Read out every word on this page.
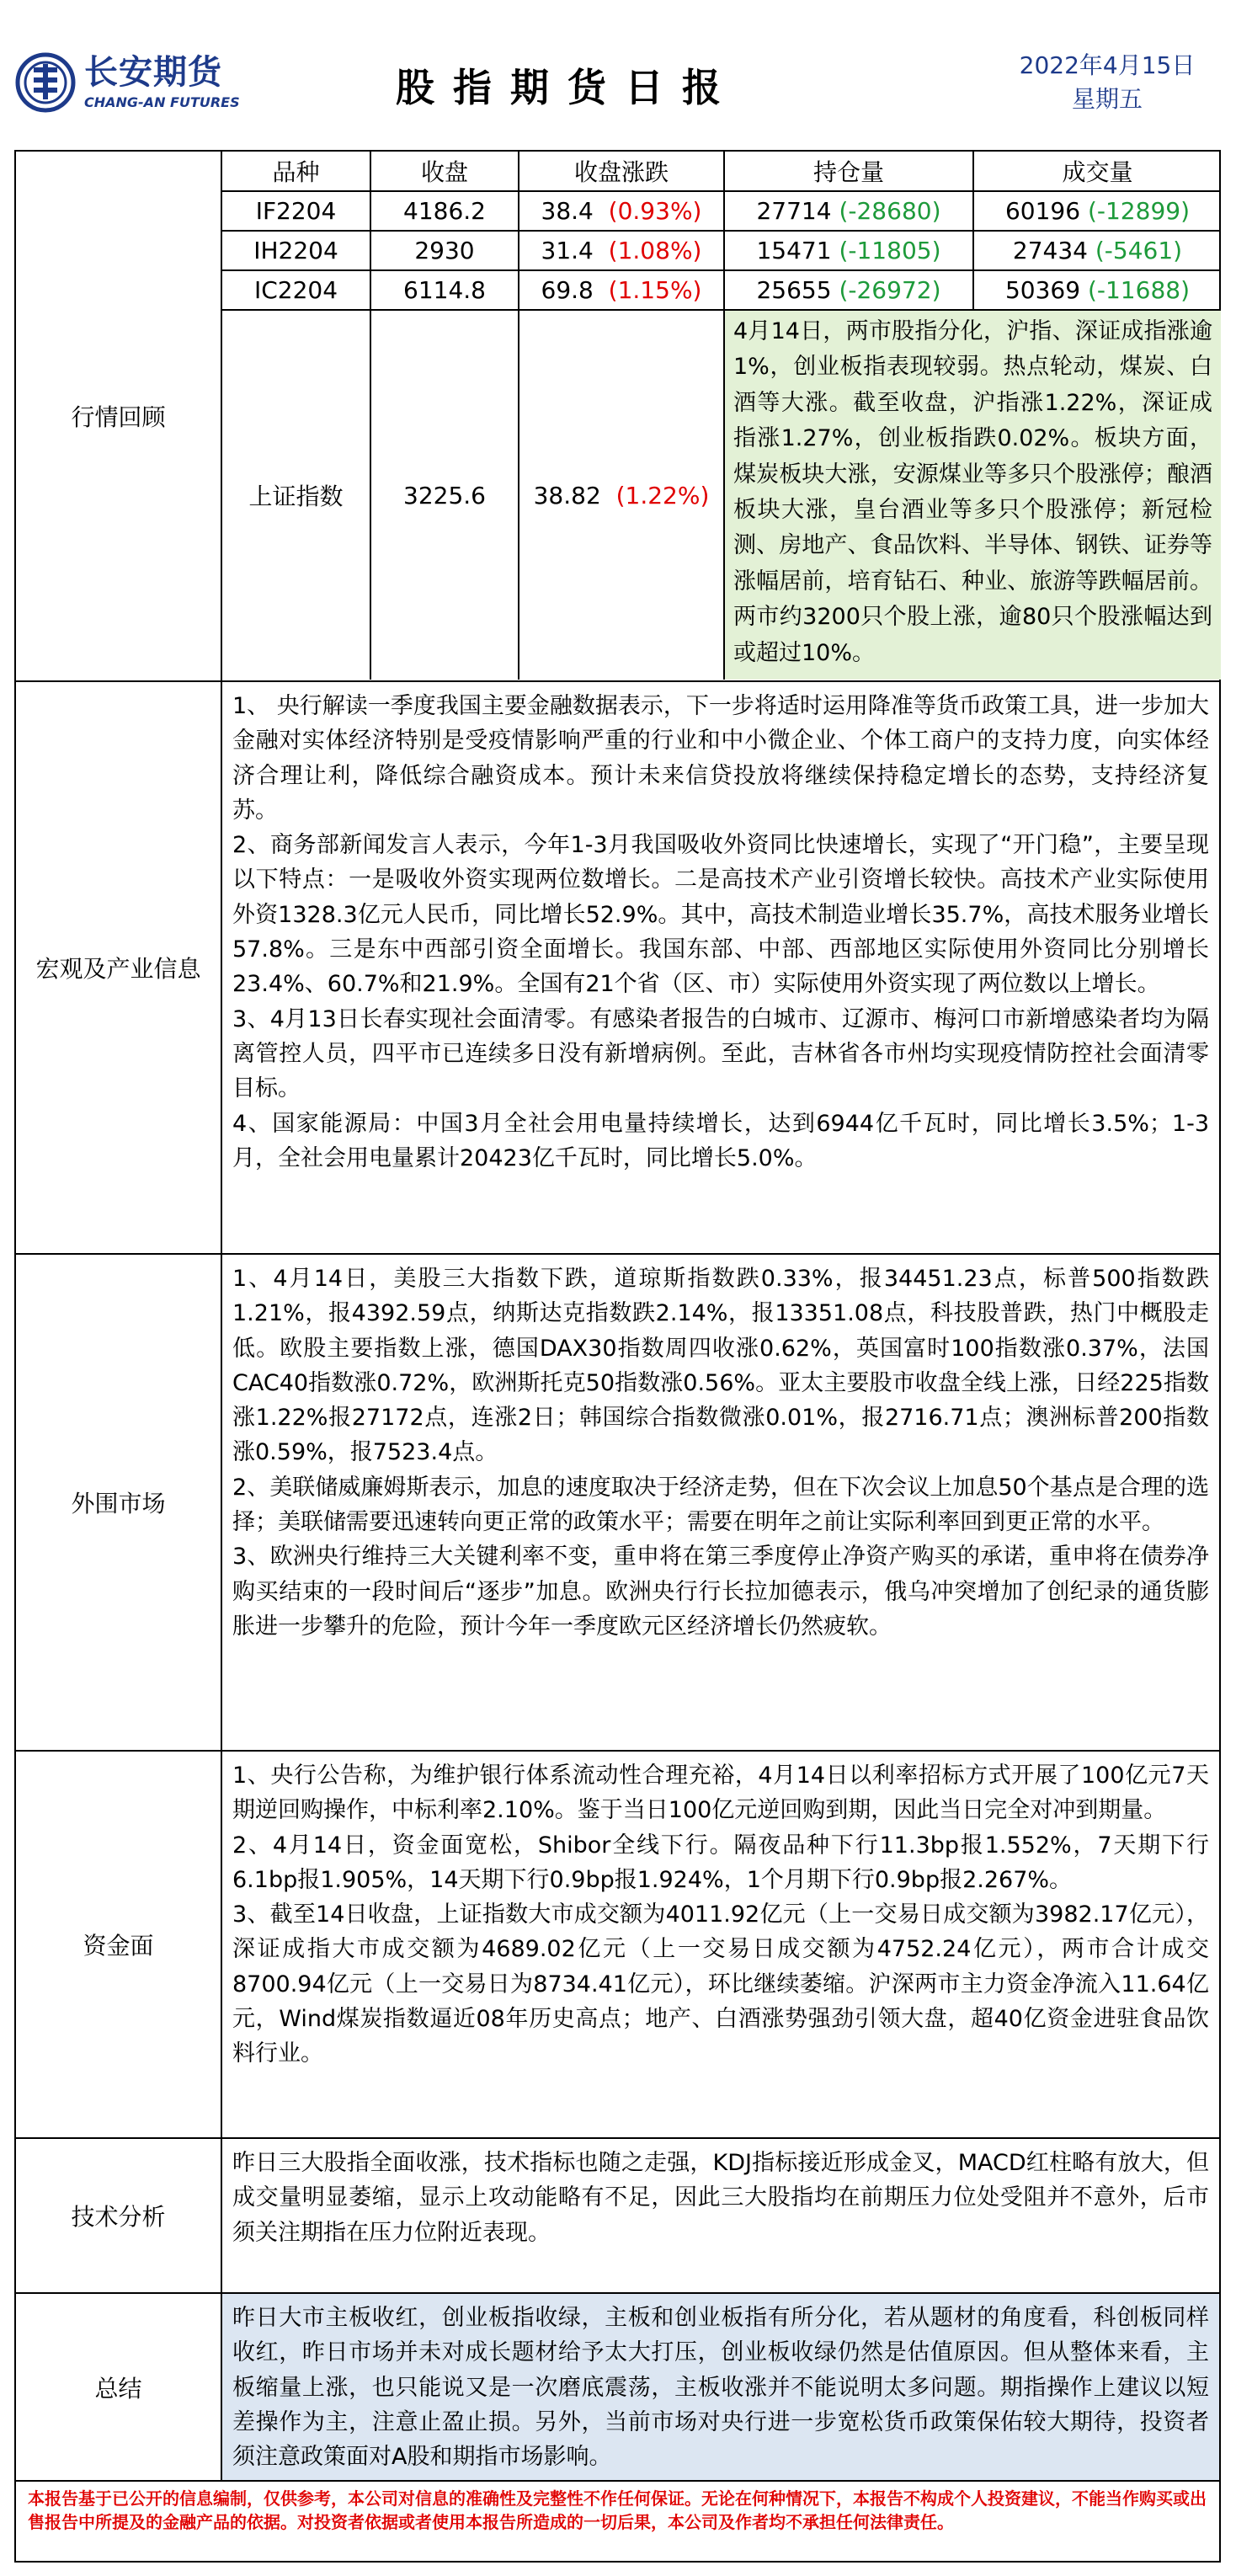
长安期货
CHANG-AN FUTURES	股指期货日报	2022年4月15日
星期五
行情回顾
品种	收盘	收盘涨跌	持仓量	成交量
IF2204	4186.2	38.4 (0.93%)	27714 (-28680)	60196 (-12899)
IH2204	2930	31.4 (1.08%)	15471 (-11805)	27434 (-5461)
IC2204	6114.8	69.8 (1.15%)	25655 (-26972)	50369 (-11688)
上证指数	3225.6	38.82 (1.22%)	4月14日，两市股指分化，沪指、深证成指涨逾1%，创业板指表现较弱。热点轮动，煤炭、白酒等大涨。截至收盘，沪指涨1.22%，深证成指涨1.27%，创业板指跌0.02%。板块方面，煤炭板块大涨，安源煤业等多只个股涨停；酿酒板块大涨，皇台酒业等多只个股涨停；新冠检测、房地产、食品饮料、半导体、钢铁、证券等涨幅居前，培育钻石、种业、旅游等跌幅居前。两市约3200只个股上涨，逾80只个股涨幅达到或超过10%。	
宏观及产业信息

1、 央行解读一季度我国主要金融数据表示，下一步将适时运用降准等货币政策工具，进一步加大金融对实体经济特别是受疫情影响严重的行业和中小微企业、个体工商户的支持力度，向实体经济合理让利，降低综合融资成本。预计未来信贷投放将继续保持稳定增长的态势，支持经济复苏。

2、商务部新闻发言人表示，今年1-3月我国吸收外资同比快速增长，实现了“开门稳”，主要呈现以下特点：一是吸收外资实现两位数增长。二是高技术产业引资增长较快。高技术产业实际使用外资1328.3亿元人民币，同比增长52.9%。其中，高技术制造业增长35.7%，高技术服务业增长57.8%。三是东中西部引资全面增长。我国东部、中部、西部地区实际使用外资同比分别增长23.4%、60.7%和21.9%。全国有21个省（区、市）实际使用外资实现了两位数以上增长。

3、4月13日长春实现社会面清零。有感染者报告的白城市、辽源市、梅河口市新增感染者均为隔离管控人员，四平市已连续多日没有新增病例。至此，吉林省各市州均实现疫情防控社会面清零目标。

4、国家能源局：中国3月全社会用电量持续增长，达到6944亿千瓦时，同比增长3.5%；1-3月，全社会用电量累计20423亿千瓦时，同比增长5.0%。

外围市场

1、4月14日，美股三大指数下跌，道琼斯指数跌0.33%，报34451.23点，标普500指数跌1.21%，报4392.59点，纳斯达克指数跌2.14%，报13351.08点，科技股普跌，热门中概股走低。欧股主要指数上涨，德国DAX30指数周四收涨0.62%，英国富时100指数涨0.37%，法国CAC40指数涨0.72%，欧洲斯托克50指数涨0.56%。亚太主要股市收盘全线上涨，日经225指数涨1.22%报27172点，连涨2日；韩国综合指数微涨0.01%，报2716.71点；澳洲标普200指数涨0.59%，报7523.4点。

2、美联储威廉姆斯表示，加息的速度取决于经济走势，但在下次会议上加息50个基点是合理的选择；美联储需要迅速转向更正常的政策水平；需要在明年之前让实际利率回到更正常的水平。

3、欧洲央行维持三大关键利率不变，重申将在第三季度停止净资产购买的承诺，重申将在债券净购买结束的一段时间后“逐步”加息。欧洲央行行长拉加德表示，俄乌冲突增加了创纪录的通货膨胀进一步攀升的危险，预计今年一季度欧元区经济增长仍然疲软。

资金面

1、央行公告称，为维护银行体系流动性合理充裕，4月14日以利率招标方式开展了100亿元7天期逆回购操作，中标利率2.10%。鉴于当日100亿元逆回购到期，因此当日完全对冲到期量。

2、4月14日，资金面宽松，Shibor全线下行。隔夜品种下行11.3bp报1.552%，7天期下行6.1bp报1.905%，14天期下行0.9bp报1.924%，1个月期下行0.9bp报2.267%。

3、截至14日收盘，上证指数大市成交额为4011.92亿元（上一交易日成交额为3982.17亿元），深证成指大市成交额为4689.02亿元（上一交易日成交额为4752.24亿元），两市合计成交8700.94亿元（上一交易日为8734.41亿元），环比继续萎缩。沪深两市主力资金净流入11.64亿元，Wind煤炭指数逼近08年历史高点；地产、白酒涨势强劲引领大盘，超40亿资金进驻食品饮料行业。

技术分析

昨日三大股指全面收涨，技术指标也随之走强，KDJ指标接近形成金叉，MACD红柱略有放大，但成交量明显萎缩，显示上攻动能略有不足，因此三大股指均在前期压力位处受阻并不意外，后市须关注期指在压力位附近表现。

总结

昨日大市主板收红，创业板指收绿，主板和创业板指有所分化，若从题材的角度看，科创板同样收红，昨日市场并未对成长题材给予太大打压，创业板收绿仍然是估值原因。但从整体来看，主板缩量上涨，也只能说又是一次磨底震荡，主板收涨并不能说明太多问题。期指操作上建议以短差操作为主，注意止盈止损。另外，当前市场对央行进一步宽松货币政策保佑较大期待，投资者须注意政策面对A股和期指市场影响。

本报告基于已公开的信息编制，仅供参考，本公司对信息的准确性及完整性不作任何保证。无论在何种情况下，本报告不构成个人投资建议，不能当作购买或出售报告中所提及的金融产品的依据。对投资者依据或者使用本报告所造成的一切后果，本公司及作者均不承担任何法律责任。
